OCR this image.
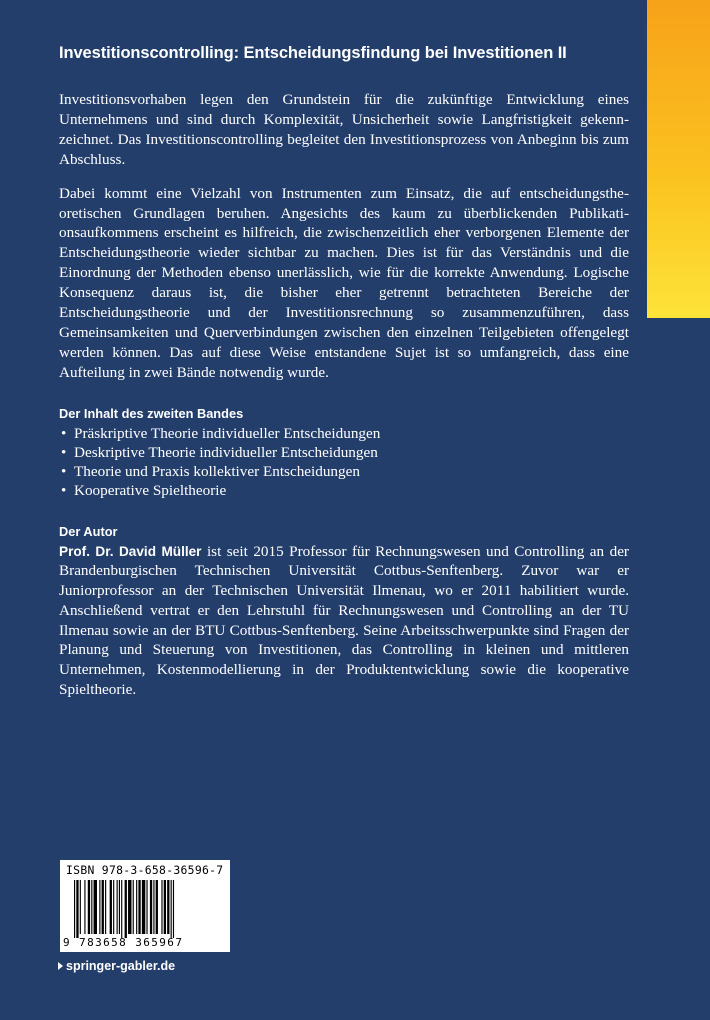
Investitionscontrolling: Entscheidungsfindung bei Investitionen II

Investitionsvorhaben legen den Grundstein für die zukünftige Entwicklung eines Unternehmens und sind durch Komplexität, Unsicherheit sowie Langfristigkeit gekennzeichnet. Das Investitionscontrolling begleitet den Investitionsprozess von Anbeginn bis zum Abschluss.

Dabei kommt eine Vielzahl von Instrumenten zum Einsatz, die auf entscheidungstheoretischen Grundlagen beruhen. Angesichts des kaum zu überblickenden Publikationsaufkommens erscheint es hilfreich, die zwischenzeitlich eher verborgenen Elemente der Entscheidungstheorie wieder sichtbar zu machen. Dies ist für das Verständnis und die Einordnung der Methoden ebenso unerlässlich, wie für die korrekte Anwendung. Logische Konsequenz daraus ist, die bisher eher getrennt betrachteten Bereiche der Entscheidungstheorie und der Investitionsrechnung so zusammenzuführen, dass Gemeinsamkeiten und Querverbindungen zwischen den einzelnen Teilgebieten offengelegt werden können. Das auf diese Weise entstandene Sujet ist so umfangreich, dass eine Aufteilung in zwei Bände notwendig wurde.

Der Inhalt des zweiten Bandes
• Präskriptive Theorie individueller Entscheidungen
• Deskriptive Theorie individueller Entscheidungen
• Theorie und Praxis kollektiver Entscheidungen
• Kooperative Spieltheorie
Der Autor

Prof. Dr. David Müller ist seit 2015 Professor für Rechnungswesen und Controlling an der Brandenburgischen Technischen Universität Cottbus-Senftenberg. Zuvor war er Juniorprofessor an der Technischen Universität Ilmenau, wo er 2011 habilitiert wurde. Anschließend vertrat er den Lehrstuhl für Rechnungswesen und Controlling an der TU Ilmenau sowie an der BTU Cottbus-Senftenberg. Seine Arbeitsschwerpunkte sind Fragen der Planung und Steuerung von Investitionen, das Controlling in kleinen und mittleren Unternehmen, Kostenmodellierung in der Produktentwicklung sowie die kooperative Spieltheorie.

ISBN 978-3-658-36596-7
9 783658 365967
springer-gabler.de
